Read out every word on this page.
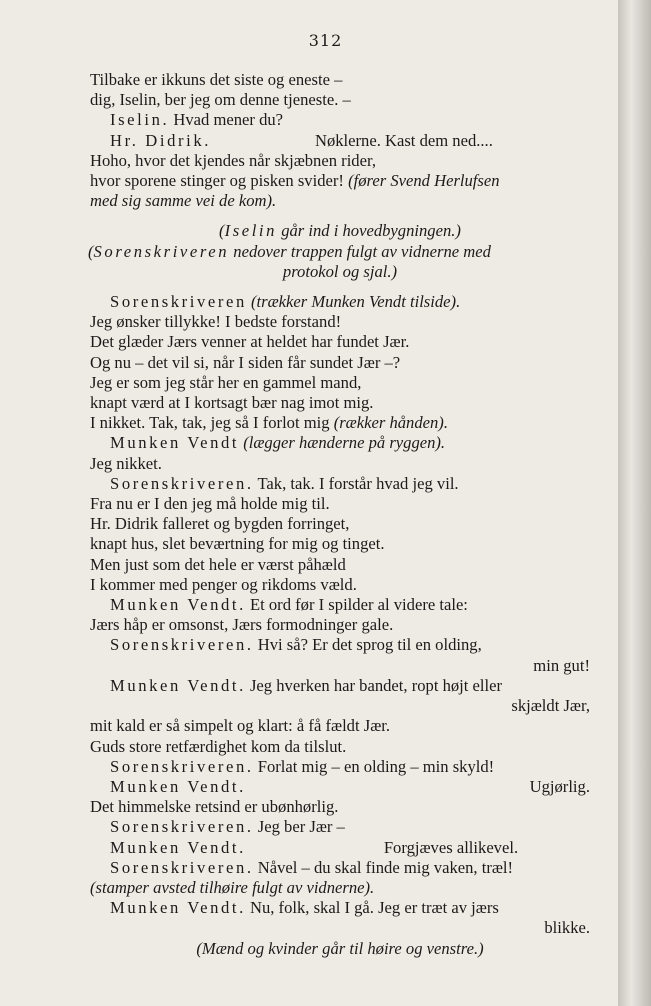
312
Tilbake er ikkuns det siste og eneste –
dig, Iselin, ber jeg om denne tjeneste. –
Iselin. Hvad mener du?
Hr. Didrik.	Nøklerne. Kast dem ned....
Hoho, hvor det kjendes når skjæbnen rider,
hvor sporene stinger og pisken svider! (fører Svend Herlufsen
med sig samme vei de kom).
(Iselin går ind i hovedbygningen.)
(Sorenskriveren nedover trappen fulgt av vidnerne med
protokol og sjal.)
Sorenskriveren (trækker Munken Vendt tilside).
Jeg ønsker tillykke! I bedste forstand!
Det glæder Jærs venner at heldet har fundet Jær.
Og nu – det vil si, når I siden får sundet Jær –?
Jeg er som jeg står her en gammel mand,
knapt værd at I kortsagt bær nag imot mig.
I nikket. Tak, tak, jeg så I forlot mig (rækker hånden).
Munken Vendt (lægger hænderne på ryggen).
Jeg nikket.
Sorenskriveren. Tak, tak. I forstår hvad jeg vil.
Fra nu er I den jeg må holde mig til.
Hr. Didrik falleret og bygden forringet,
knapt hus, slet beværtning for mig og tinget.
Men just som det hele er værst påhæld
I kommer med penger og rikdoms væld.
Munken Vendt. Et ord før I spilder al videre tale:
Jærs håp er omsonst, Jærs formodninger gale.
Sorenskriveren. Hvi så? Er det sprog til en olding,
min gut!
Munken Vendt. Jeg hverken har bandet, ropt højt eller
skjældt Jær,
mit kald er så simpelt og klart: å få fældt Jær.
Guds store retfærdighet kom da tilslut.
Sorenskriveren. Forlat mig – en olding – min skyld!
Munken Vendt.	Ugjørlig.
Det himmelske retsind er ubønhørlig.
Sorenskriveren. Jeg ber Jær –
Munken Vendt.	Forgjæves allikevel.
Sorenskriveren. Nåvel – du skal finde mig vaken, træl!
(stamper avsted tilhøire fulgt av vidnerne).
Munken Vendt. Nu, folk, skal I gå. Jeg er træt av jærs
blikke.
(Mænd og kvinder går til høire og venstre.)
